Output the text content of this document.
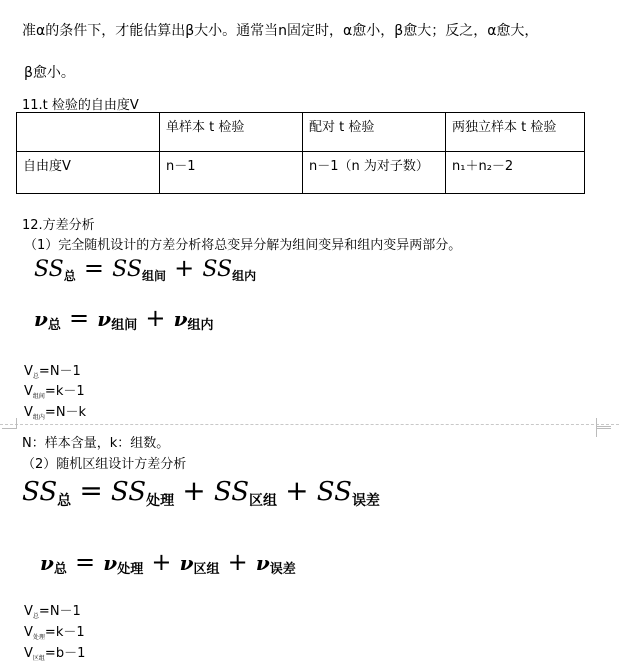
准α的条件下，才能估算出β大小。通常当n固定时，α愈小，β愈大；反之，α愈大，
β愈小。
11.t 检验的自由度V
	单样本 t 检验	配对 t 检验	两独立样本 t 检验
自由度V	n－1	n－1（n 为对子数）	n₁＋n₂－2
12.方差分析
（1）完全随机设计的方差分析将总变异分解为组间变异和组内变异两部分。
SS总 = SS组间 + SS组内
ν总 = ν组间 + ν组内
$V_总=N-1$
$V_{组间}=k-1$
$V_{组内}=N-k$
N：样本含量，k：组数。
（2）随机区组设计方差分析
SS总 = SS处理 + SS区组 + SS误差
ν总 = ν处理 + ν区组 + ν误差
$V_总=N-1$
$V_{处理}=k-1$
$V_{区组}=b-1$
